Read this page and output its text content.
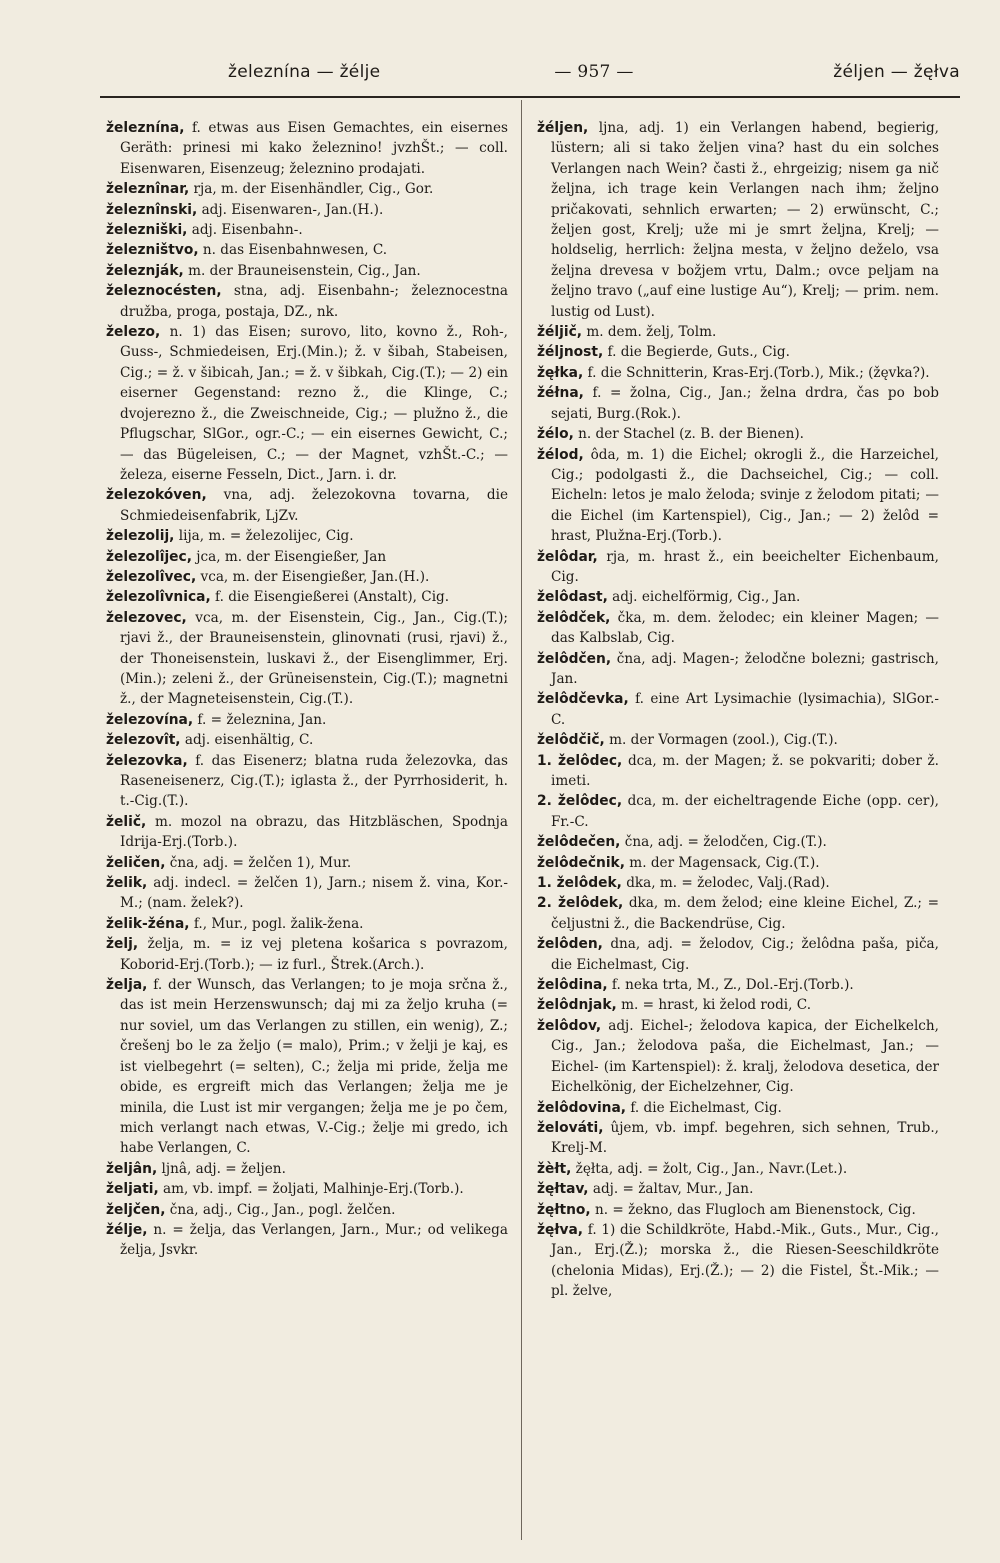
železnína — žélje	— 957 —	žéljen — žęłva
železnína, f. etwas aus Eisen Gemachtes, ein eisernes Geräth: prinesi mi kako železnino! jvzhŠt.; — coll. Eisenwaren, Eisenzeug; železnino prodajati.
železnînar, rja, m. der Eisenhändler, Cig., Gor.
železnînski, adj. Eisenwaren-, Jan.(H.).
železniški, adj. Eisenbahn-.
železništvo, n. das Eisenbahnwesen, C.
železnják, m. der Brauneisenstein, Cig., Jan.
železnocésten, stna, adj. Eisenbahn-; železnocestna družba, proga, postaja, DZ., nk.
železo, n. 1) das Eisen; surovo, lito, kovno ž., Roh-, Guss-, Schmiedeisen, Erj.(Min.); ž. v šibah, Stabeisen, Cig.; = ž. v šibicah, Jan.; = ž. v šibkah, Cig.(T.); — 2) ein eiserner Gegenstand: rezno ž., die Klinge, C.; dvojerezno ž., die Zweischneide, Cig.; — plužno ž., die Pflugschar, SlGor., ogr.-C.; — ein eisernes Gewicht, C.; — das Bügeleisen, C.; — der Magnet, vzhŠt.-C.; — železa, eiserne Fesseln, Dict., Jarn. i. dr.
železokóven, vna, adj. železokovna tovarna, die Schmiedeisenfabrik, LjZv.
železolij, lija, m. = železolijec, Cig.
železolîjec, jca, m. der Eisengießer, Jan
železolîvec, vca, m. der Eisengießer, Jan.(H.).
železolîvnica, f. die Eisengießerei (Anstalt), Cig.
železovec, vca, m. der Eisenstein, Cig., Jan., Cig.(T.); rjavi ž., der Brauneisenstein, glinovnati (rusi, rjavi) ž., der Thoneisenstein, luskavi ž., der Eisenglimmer, Erj.(Min.); zeleni ž., der Grüneisenstein, Cig.(T.); magnetni ž., der Magneteisenstein, Cig.(T.).
železovína, f. = železnina, Jan.
železovît, adj. eisenhältig, C.
železovka, f. das Eisenerz; blatna ruda železovka, das Raseneisenerz, Cig.(T.); iglasta ž., der Pyrrhosiderit, h. t.-Cig.(T.).
želič, m. mozol na obrazu, das Hitzbläschen, Spodnja Idrija-Erj.(Torb.).
želičen, čna, adj. = želčen 1), Mur.
želik, adj. indecl. = želčen 1), Jarn.; nisem ž. vina, Kor.-M.; (nam. želek?).
želik-žéna, f., Mur., pogl. žalik-žena.
želj, želja, m. = iz vej pletena košarica s povrazom, Koborid-Erj.(Torb.); — iz furl., Štrek.(Arch.).
želja, f. der Wunsch, das Verlangen; to je moja srčna ž., das ist mein Herzenswunsch; daj mi za željo kruha (= nur soviel, um das Verlangen zu stillen, ein wenig), Z.; črešenj bo le za željo (= malo), Prim.; v želji je kaj, es ist vielbegehrt (= selten), C.; želja mi pride, želja me obide, es ergreift mich das Verlangen; želja me je minila, die Lust ist mir vergangen; želja me je po čem, mich verlangt nach etwas, V.-Cig.; želje mi gredo, ich habe Verlangen, C.
željân, ljnâ, adj. = željen.
željati, am, vb. impf. = žoljati, Malhinje-Erj.(Torb.).
željčen, čna, adj., Cig., Jan., pogl. želčen.
žélje, n. = želja, das Verlangen, Jarn., Mur.; od velikega želja, Jsvkr.
žéljen, ljna, adj. 1) ein Verlangen habend, begierig, lüstern; ali si tako željen vina? hast du ein solches Verlangen nach Wein? časti ž., ehrgeizig; nisem ga nič željna, ich trage kein Verlangen nach ihm; željno pričakovati, sehnlich erwarten; — 2) erwünscht, C.; željen gost, Krelj; uže mi je smrt željna, Krelj; — holdselig, herrlich: željna mesta, v željno deželo, vsa željna drevesa v božjem vrtu, Dalm.; ovce peljam na željno travo („auf eine lustige Au“), Krelj; — prim. nem. lustig od Lust).
žéljič, m. dem. želj, Tolm.
žéljnost, f. die Begierde, Guts., Cig.
žęłka, f. die Schnitterin, Kras-Erj.(Torb.), Mik.; (žęvka?).
žéłna, f. = žolna, Cig., Jan.; želna drdra, čas po bob sejati, Burg.(Rok.).
žélo, n. der Stachel (z. B. der Bienen).
žélod, ôda, m. 1) die Eichel; okrogli ž., die Harzeichel, Cig.; podolgasti ž., die Dachseichel, Cig.; — coll. Eicheln: letos je malo želoda; svinje z želodom pitati; — die Eichel (im Kartenspiel), Cig., Jan.; — 2) želôd = hrast, Plužna-Erj.(Torb.).
želôdar, rja, m. hrast ž., ein beeichelter Eichenbaum, Cig.
želôdast, adj. eichelförmig, Cig., Jan.
želôdček, čka, m. dem. želodec; ein kleiner Magen; — das Kalbslab, Cig.
želôdčen, čna, adj. Magen-; želodčne bolezni; gastrisch, Jan.
želôdčevka, f. eine Art Lysimachie (lysimachia), SlGor.-C.
želôdčič, m. der Vormagen (zool.), Cig.(T.).
1. želôdec, dca, m. der Magen; ž. se pokvariti; dober ž. imeti.
2. želôdec, dca, m. der eicheltragende Eiche (opp. cer), Fr.-C.
želôdečen, čna, adj. = želodčen, Cig.(T.).
želôdečnik, m. der Magensack, Cig.(T.).
1. želôdek, dka, m. = želodec, Valj.(Rad).
2. želôdek, dka, m. dem želod; eine kleine Eichel, Z.; = čeljustni ž., die Backendrüse, Cig.
želôden, dna, adj. = želodov, Cig.; želôdna paša, piča, die Eichelmast, Cig.
želôdina, f. neka trta, M., Z., Dol.-Erj.(Torb.).
želôdnjak, m. = hrast, ki želod rodi, C.
želôdov, adj. Eichel-; želodova kapica, der Eichelkelch, Cig., Jan.; želodova paša, die Eichelmast, Jan.; — Eichel- (im Kartenspiel): ž. kralj, želodova desetica, der Eichelkönig, der Eichelzehner, Cig.
želôdovina, f. die Eichelmast, Cig.
želováti, ûjem, vb. impf. begehren, sich sehnen, Trub., Krelj-M.
žèłt, žęłta, adj. = žolt, Cig., Jan., Navr.(Let.).
žęłtav, adj. = žaltav, Mur., Jan.
žęłtno, n. = žekno, das Flugloch am Bienenstock, Cig.
žęłva, f. 1) die Schildkröte, Habd.-Mik., Guts., Mur., Cig., Jan., Erj.(Ž.); morska ž., die Riesen-Seeschildkröte (chelonia Midas), Erj.(Ž.); — 2) die Fistel, Št.-Mik.; — pl. želve,
